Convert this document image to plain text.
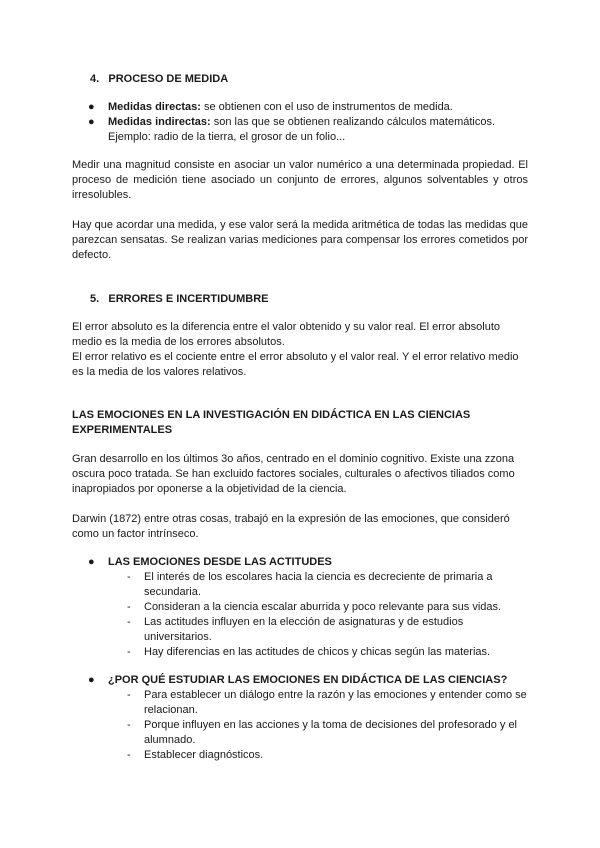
4. PROCESO DE MEDIDA
● Medidas directas: se obtienen con el uso de instrumentos de medida.
● Medidas indirectas: son las que se obtienen realizando cálculos matemáticos. Ejemplo: radio de la tierra, el grosor de un folio...

Medir una magnitud consiste en asociar un valor numérico a una determinada propiedad. El proceso de medición tiene asociado un conjunto de errores, algunos solventables y otros irresolubles.

Hay que acordar una medida, y ese valor será la medida aritmética de todas las medidas que parezcan sensatas. Se realizan varias mediciones para compensar los errores cometidos por defecto.

5. ERRORES E INCERTIDUMBRE

El error absoluto es la diferencia entre el valor obtenido y su valor real. El error absoluto medio es la media de los errores absolutos.

El error relativo es el cociente entre el error absoluto y el valor real. Y el error relativo medio es la media de los valores relativos.

LAS EMOCIONES EN LA INVESTIGACIÓN EN DIDÁCTICA EN LAS CIENCIAS EXPERIMENTALES

Gran desarrollo en los últimos 3o años, centrado en el dominio cognitivo. Existe una zzona oscura poco tratada. Se han excluido factores sociales, culturales o afectivos tiliados como inapropiados por oponerse a la objetividad de la ciencia.

Darwin (1872) entre otras cosas, trabajó en la expresión de las emociones, que consideró como un factor intrínseco.

● LAS EMOCIONES DESDE LAS ACTITUDES
- El interés de los escolares hacia la ciencia es decreciente de primaria a secundaria.
- Consideran a la ciencia escalar aburrida y poco relevante para sus vidas.
- Las actitudes influyen en la elección de asignaturas y de estudios universitarios.
- Hay diferencias en las actitudes de chicos y chicas según las materias.
● ¿POR QUÉ ESTUDIAR LAS EMOCIONES EN DIDÁCTICA DE LAS CIENCIAS?
- Para establecer un diálogo entre la razón y las emociones y entender como se relacionan.
- Porque influyen en las acciones y la toma de decisiones del profesorado y el alumnado.
- Establecer diagnósticos.
